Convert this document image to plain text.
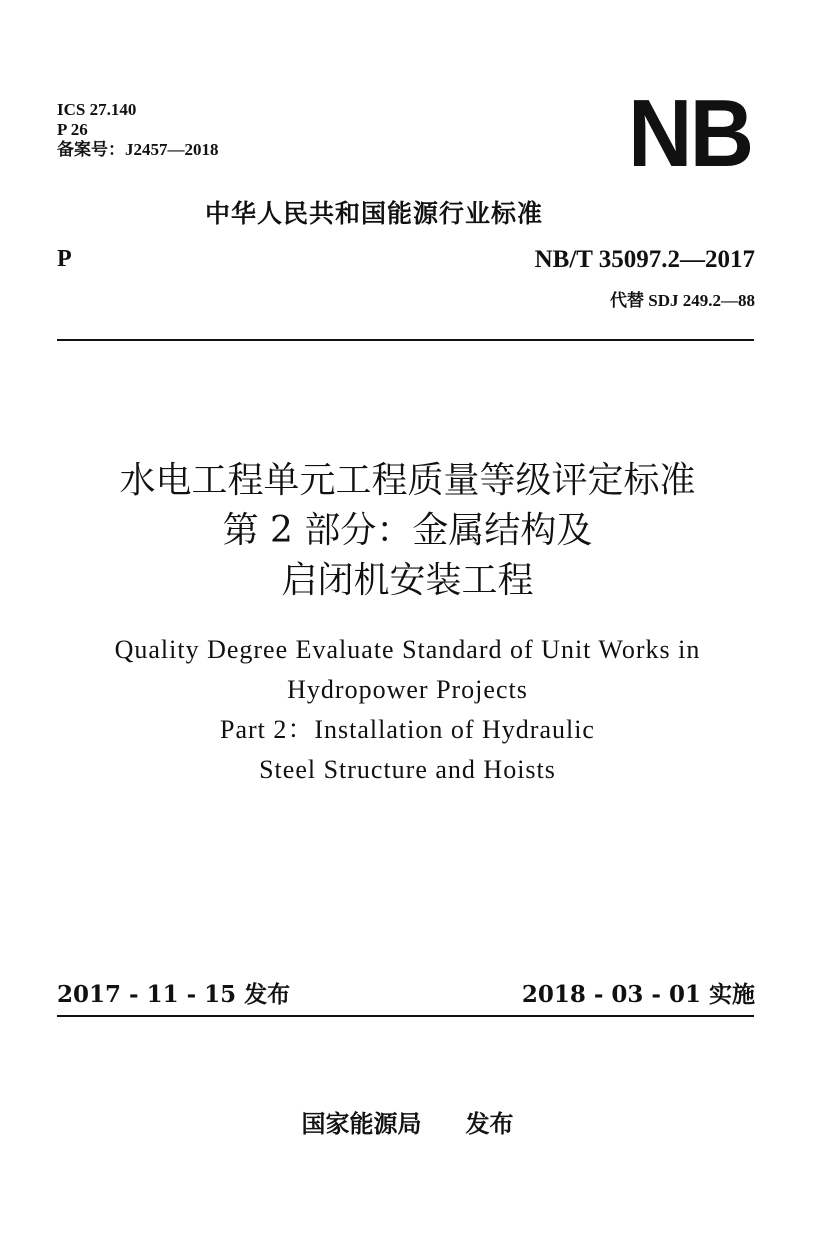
ICS 27.140
P 26
备案号：J2457—2018	NB
中华人民共和国能源行业标准
P	NB/T 35097.2—2017
代替 SDJ 249.2—88
水电工程单元工程质量等级评定标准
第 2 部分：金属结构及
启闭机安装工程
Quality Degree Evaluate Standard of Unit Works in
Hydropower Projects
Part 2：Installation of Hydraulic
Steel Structure and Hoists
2017 - 11 - 15 发布	2018 - 03 - 01 实施
国家能源局 发布
